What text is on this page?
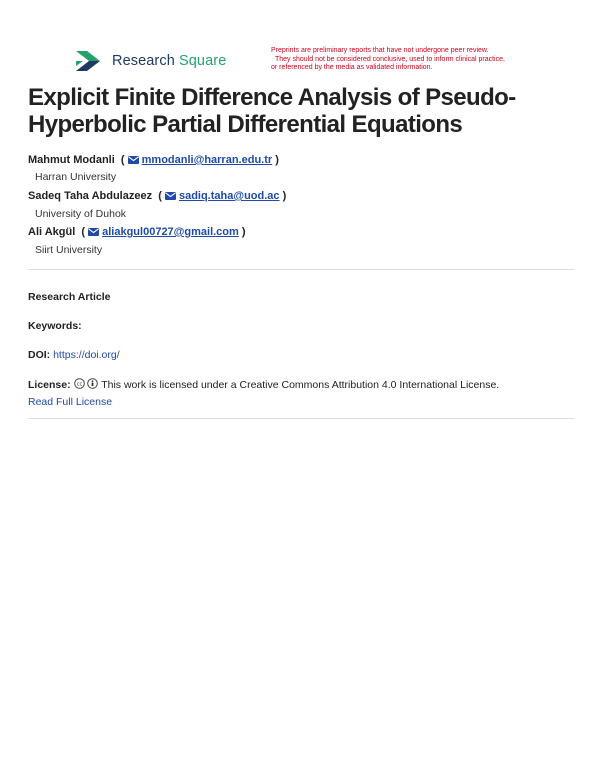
Research Square
Preprints are preliminary reports that have not undergone peer review.
They should not be considered conclusive, used to inform clinical practice,
or referenced by the media as validated information.
Explicit Finite Difference Analysis of Pseudo-
Hyperbolic Partial Differential Equations
Mahmut Modanli  ( mmodanli@harran.edu.tr )
Harran University
Sadeq Taha Abdulazeez  ( sadiq.taha@uod.ac )
University of Duhok
Ali Akgül  ( aliakgul00727@gmail.com )
Siirt University
Research Article
Keywords:
DOI: https://doi.org/
License: cc This work is licensed under a Creative Commons Attribution 4.0 International License.
Read Full License
